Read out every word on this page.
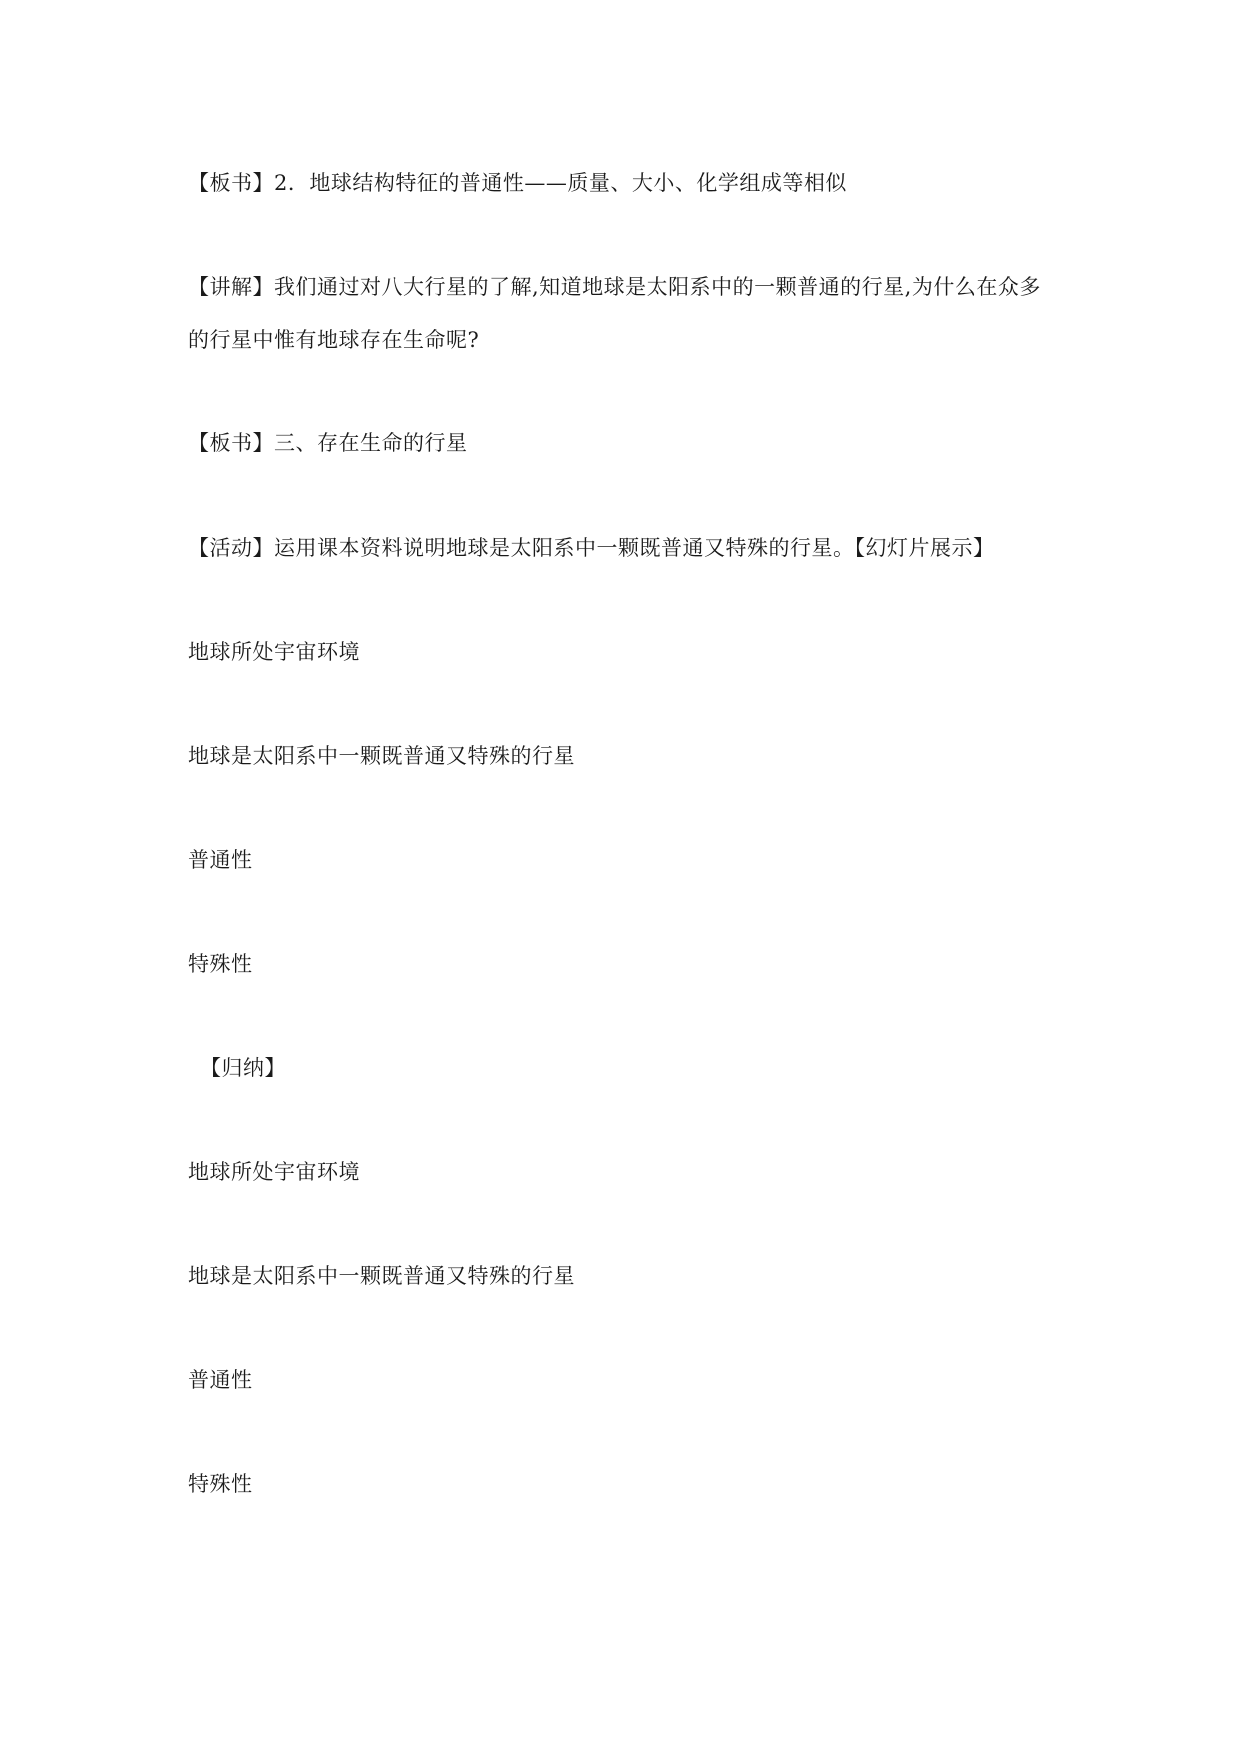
【板书】2．地球结构特征的普通性——质量、大小、化学组成等相似
【讲解】我们通过对八大行星的了解,知道地球是太阳系中的一颗普通的行星,为什么在众多
的行星中惟有地球存在生命呢?
【板书】三、存在生命的行星
【活动】运用课本资料说明地球是太阳系中一颗既普通又特殊的行星。【幻灯片展示】
地球所处宇宙环境
地球是太阳系中一颗既普通又特殊的行星
普通性
特殊性
【归纳】
地球所处宇宙环境
地球是太阳系中一颗既普通又特殊的行星
普通性
特殊性
